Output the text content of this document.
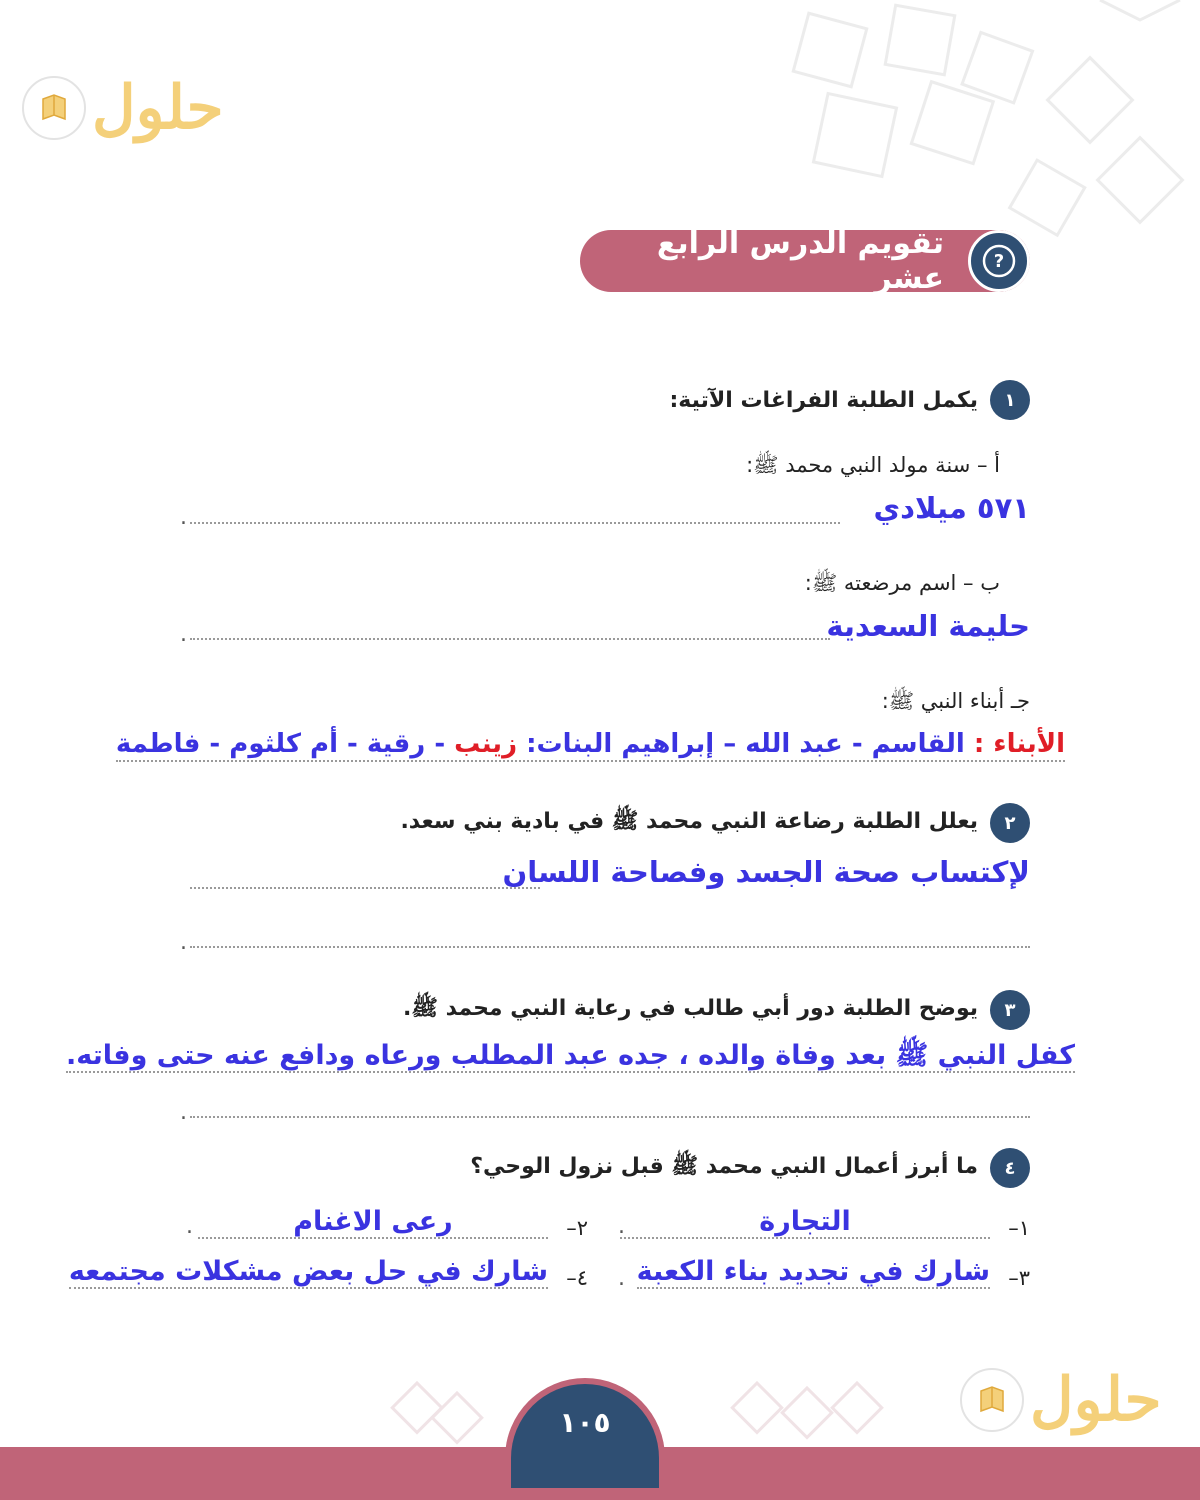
حلول
حلول
تقويم الدرس الرابع عشر	?
١
يكمل الطلبة الفراغات الآتية:
أ – سنة مولد النبي محمد ﷺ:
.	٥٧١ ميلادي
ب – اسم مرضعته ﷺ:
.	حليمة السعدية
جـ أبناء النبي ﷺ:
الأبناء : القاسم - عبد الله – إبراهيم البنات: زينب - رقية - أم كلثوم - فاطمة
٢
يعلل الطلبة رضاعة النبي محمد ﷺ في بادية بني سعد.
لإكتساب صحة الجسد وفصاحة اللسان
.
٣
يوضح الطلبة دور أبي طالب في رعاية النبي محمد ﷺ.
كفل النبي ﷺ بعد وفاة والده ، جده عبد المطلب ورعاه ودافع عنه حتى وفاته.
.
٤
ما أبرز أعمال النبي محمد ﷺ قبل نزول الوحي؟
١–
التجارة
.
٢–
رعى الاغنام
.
٣–
شارك في تجديد بناء الكعبة
.
٤–
شارك في حل بعض مشكلات مجتمعه
١٠٥
